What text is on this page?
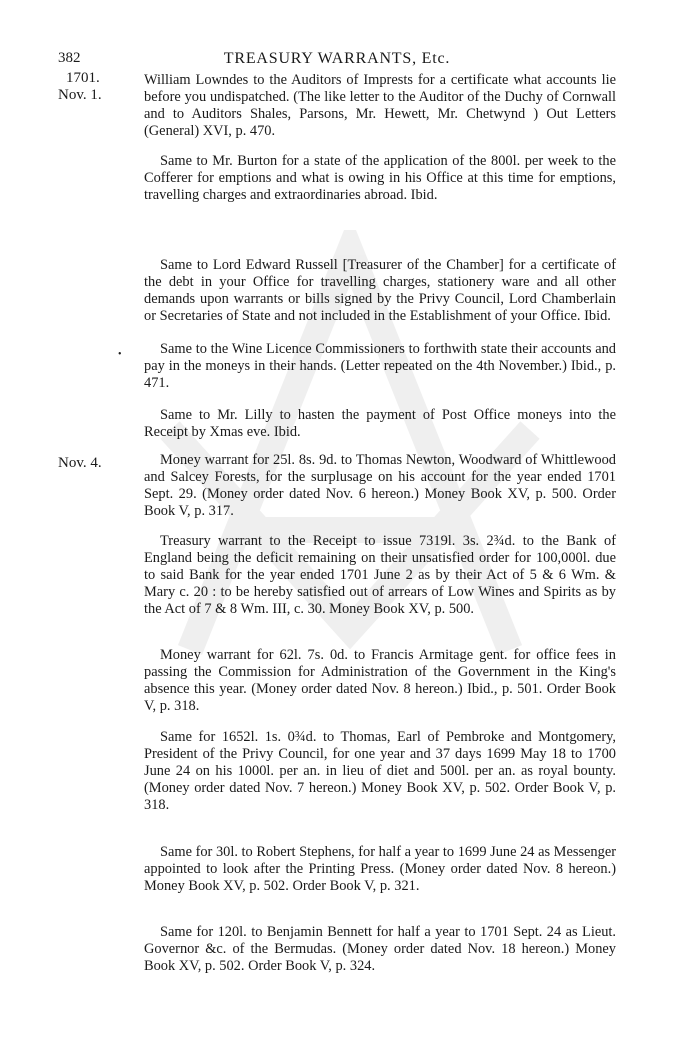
382	TREASURY WARRANTS, Etc.
1701.
Nov. 1.
Nov. 4.
•

William Lowndes to the Auditors of Imprests for a certificate what accounts lie before you undispatched. (The like letter to the Auditor of the Duchy of Cornwall and to Auditors Shales, Parsons, Mr. Hewett, Mr. Chetwynd ) Out Letters (General) XVI, p. 470.

Same to Mr. Burton for a state of the application of the 800l. per week to the Cofferer for emptions and what is owing in his Office at this time for emptions, travelling charges and extraordinaries abroad. Ibid.

Same to Lord Edward Russell [Treasurer of the Chamber] for a certificate of the debt in your Office for travelling charges, stationery ware and all other demands upon warrants or bills signed by the Privy Council, Lord Chamberlain or Secretaries of State and not included in the Establishment of your Office. Ibid.

Same to the Wine Licence Commissioners to forthwith state their accounts and pay in the moneys in their hands. (Letter repeated on the 4th November.) Ibid., p. 471.

Same to Mr. Lilly to hasten the payment of Post Office moneys into the Receipt by Xmas eve. Ibid.

Money warrant for 25l. 8s. 9d. to Thomas Newton, Woodward of Whittlewood and Salcey Forests, for the surplusage on his account for the year ended 1701 Sept. 29. (Money order dated Nov. 6 hereon.) Money Book XV, p. 500. Order Book V, p. 317.

Treasury warrant to the Receipt to issue 7319l. 3s. 2¾d. to the Bank of England being the deficit remaining on their unsatisfied order for 100,000l. due to said Bank for the year ended 1701 June 2 as by their Act of 5 & 6 Wm. & Mary c. 20 : to be hereby satisfied out of arrears of Low Wines and Spirits as by the Act of 7 & 8 Wm. III, c. 30. Money Book XV, p. 500.

Money warrant for 62l. 7s. 0d. to Francis Armitage gent. for office fees in passing the Commission for Administration of the Government in the King's absence this year. (Money order dated Nov. 8 hereon.) Ibid., p. 501. Order Book V, p. 318.

Same for 1652l. 1s. 0¾d. to Thomas, Earl of Pembroke and Montgomery, President of the Privy Council, for one year and 37 days 1699 May 18 to 1700 June 24 on his 1000l. per an. in lieu of diet and 500l. per an. as royal bounty. (Money order dated Nov. 7 hereon.) Money Book XV, p. 502. Order Book V, p. 318.

Same for 30l. to Robert Stephens, for half a year to 1699 June 24 as Messenger appointed to look after the Printing Press. (Money order dated Nov. 8 hereon.) Money Book XV, p. 502. Order Book V, p. 321.

Same for 120l. to Benjamin Bennett for half a year to 1701 Sept. 24 as Lieut. Governor &c. of the Bermudas. (Money order dated Nov. 18 hereon.) Money Book XV, p. 502. Order Book V, p. 324.
